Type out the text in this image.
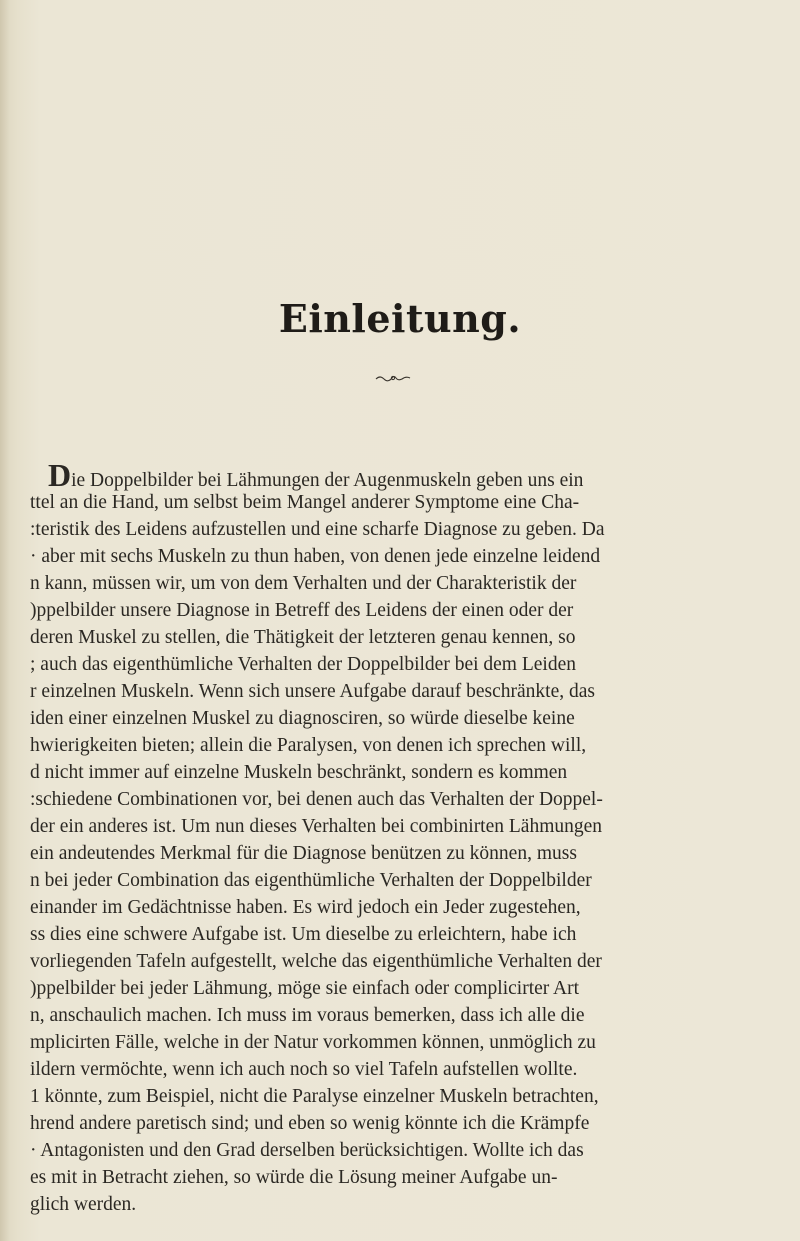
Einleitung.
Die Doppelbilder bei Lähmungen der Augenmuskeln geben uns ein
ttel an die Hand, um selbst beim Mangel anderer Symptome eine Cha-
:teristik des Leidens aufzustellen und eine scharfe Diagnose zu geben. Da
· aber mit sechs Muskeln zu thun haben, von denen jede einzelne leidend
n kann, müssen wir, um von dem Verhalten und der Charakteristik der
)ppelbilder unsere Diagnose in Betreff des Leidens der einen oder der
deren Muskel zu stellen, die Thätigkeit der letzteren genau kennen, so
; auch das eigenthümliche Verhalten der Doppelbilder bei dem Leiden
r einzelnen Muskeln. Wenn sich unsere Aufgabe darauf beschränkte, das
iden einer einzelnen Muskel zu diagnosciren, so würde dieselbe keine
hwierigkeiten bieten; allein die Paralysen, von denen ich sprechen will,
d nicht immer auf einzelne Muskeln beschränkt, sondern es kommen
:schiedene Combinationen vor, bei denen auch das Verhalten der Doppel-
der ein anderes ist. Um nun dieses Verhalten bei combinirten Lähmungen
ein andeutendes Merkmal für die Diagnose benützen zu können, muss
n bei jeder Combination das eigenthümliche Verhalten der Doppelbilder
einander im Gedächtnisse haben. Es wird jedoch ein Jeder zugestehen,
ss dies eine schwere Aufgabe ist. Um dieselbe zu erleichtern, habe ich
vorliegenden Tafeln aufgestellt, welche das eigenthümliche Verhalten der
)ppelbilder bei jeder Lähmung, möge sie einfach oder complicirter Art
n, anschaulich machen. Ich muss im voraus bemerken, dass ich alle die
mplicirten Fälle, welche in der Natur vorkommen können, unmöglich zu
ildern vermöchte, wenn ich auch noch so viel Tafeln aufstellen wollte.
1 könnte, zum Beispiel, nicht die Paralyse einzelner Muskeln betrachten,
hrend andere paretisch sind; und eben so wenig könnte ich die Krämpfe
· Antagonisten und den Grad derselben berücksichtigen. Wollte ich das
es mit in Betracht ziehen, so würde die Lösung meiner Aufgabe un-
glich werden.
